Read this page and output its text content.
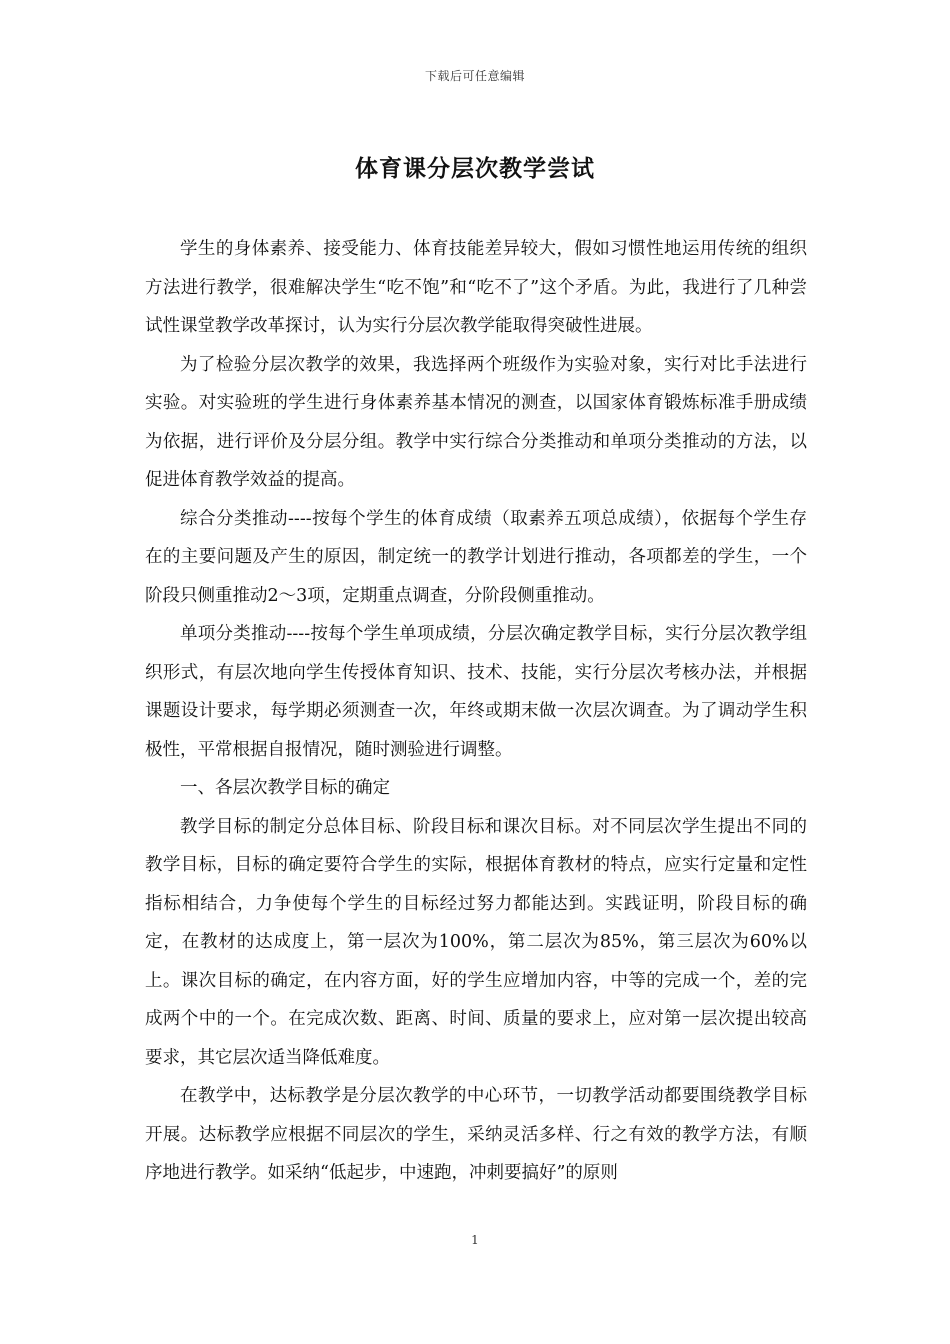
下载后可任意编辑
体育课分层次教学尝试

学生的身体素养、接受能力、体育技能差异较大，假如习惯性地运用传统的组织方法进行教学，很难解决学生“吃不饱”和“吃不了”这个矛盾。为此，我进行了几种尝试性课堂教学改革探讨，认为实行分层次教学能取得突破性进展。

为了检验分层次教学的效果，我选择两个班级作为实验对象，实行对比手法进行实验。对实验班的学生进行身体素养基本情况的测查，以国家体育锻炼标准手册成绩为依据，进行评价及分层分组。教学中实行综合分类推动和单项分类推动的方法，以促进体育教学效益的提高。

综合分类推动----按每个学生的体育成绩（取素养五项总成绩），依据每个学生存在的主要问题及产生的原因，制定统一的教学计划进行推动，各项都差的学生，一个阶段只侧重推动2～3项，定期重点调查，分阶段侧重推动。

单项分类推动----按每个学生单项成绩，分层次确定教学目标，实行分层次教学组织形式，有层次地向学生传授体育知识、技术、技能，实行分层次考核办法，并根据课题设计要求，每学期必须测查一次，年终或期末做一次层次调查。为了调动学生积极性，平常根据自报情况，随时测验进行调整。

一、各层次教学目标的确定

教学目标的制定分总体目标、阶段目标和课次目标。对不同层次学生提出不同的教学目标，目标的确定要符合学生的实际，根据体育教材的特点，应实行定量和定性指标相结合，力争使每个学生的目标经过努力都能达到。实践证明，阶段目标的确定，在教材的达成度上，第一层次为100%，第二层次为85%，第三层次为60%以上。课次目标的确定，在内容方面，好的学生应增加内容，中等的完成一个，差的完成两个中的一个。在完成次数、距离、时间、质量的要求上，应对第一层次提出较高要求，其它层次适当降低难度。

在教学中，达标教学是分层次教学的中心环节，一切教学活动都要围绕教学目标开展。达标教学应根据不同层次的学生，采纳灵活多样、行之有效的教学方法，有顺序地进行教学。如采纳“低起步，中速跑，冲刺要搞好”的原则

1
